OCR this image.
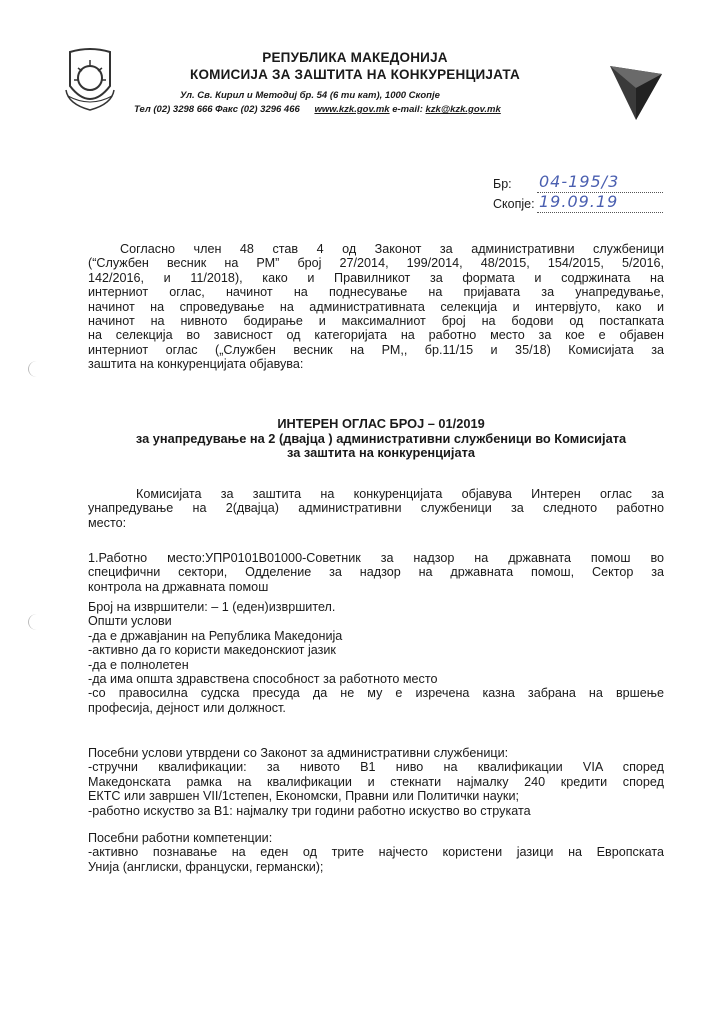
РЕПУБЛИКА МАКЕДОНИЈА
КОМИСИЈА ЗА ЗАШТИТА НА КОНКУРЕНЦИЈАТА
Ул. Св. Кирил и Методиј бр. 54 (6 ти кат), 1000 Скопје
Тел (02) 3298 666 Факс (02) 3296 466 www.kzk.gov.mk e-mail: kzk@kzk.gov.mk
Бр: 04-195/3
Скопје: 19.09.19
Согласно член 48 став 4 од Законот за административни службеници
(“Службен весник на РМ” број 27/2014, 199/2014, 48/2015, 154/2015, 5/2016,
142/2016, и 11/2018), како и Правилникот за формата и содржината на
интерниот оглас, начинот на поднесување на пријавата за унапредување,
начинот на спроведување на административната селекција и интервјуто, како и
начинот на нивното бодирање и максималниот број на бодови од постапката
на селекција во зависност од категоријата на работно место за кое е објавен
интерниот оглас („Службен весник на РМ,, бр.11/15 и 35/18) Комисијата за
заштита на конкуренцијата објавува:
ИНТЕРЕН ОГЛАС БРОЈ – 01/2019
за унапредување на 2 (двајца ) административни службеници во Комисијата
за заштита на конкуренцијата
Комисијата за заштита на конкуренцијата објавува Интерен оглас за
унапредување на 2(двајца) административни службеници за следното работно
место:
1.Работно место:УПР0101В01000-Советник за надзор на државната помош во
специфични сектори, Одделение за надзор на државната помош, Сектор за
контрола на државната помош
Број на извршители: – 1 (еден)извршител.
Општи услови
-да е државјанин на Република Македонија
-активно да го користи македонскиот јазик
-да е полнолетен
-да има општа здравствена способност за работното место
-со правосилна судска пресуда да не му е изречена казна забрана на вршење
професија, дејност или должност.
Посебни услови утврдени со Законот за административни службеници:
-стручни квалификации: за нивото В1 ниво на квалификации VIA според
Македонската рамка на квалификации и стекнати најмалку 240 кредити според
ЕКТС или завршен VII/1степен, Економски, Правни или Политички науки;
-работно искуство за В1: најмалку три години работно искуство во струката
Посебни работни компетенции:
-активно познавање на еден од трите најчесто користени јазици на Европската
Унија (англиски, француски, германски);
